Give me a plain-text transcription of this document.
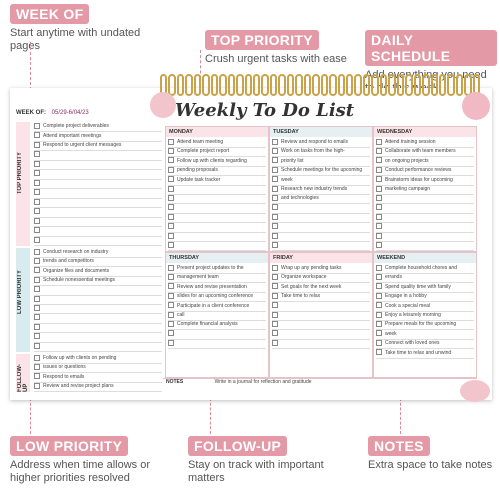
WEEK OF
Start anytime with undated pages	TOP PRIORITY
Crush urgent tasks with ease
DAILY SCHEDULE
Add everything you need
LOW PRIORITY
Address when time allows or higher priorities resolved
FOLLOW-UP
Stay on track with important matters
NOTES
Extra space to take notes
Weekly To Do List
WEEK OF: 05/29-6/04/23
TOP PRIORITY
Complete project deliverables
Attend important meetings
Respond to urgent client messages
LOW PRIORITY
Conduct research on industry
trends and competitors
Organize files and documents
Schedule nonessential meetings
FOLLOW-UP
Follow up with clients on pending
issues or questions
Respond to emails
Review and revise project plans
MONDAY
Attend team meeting
Complete project report
Follow up with clients regarding
pending proposals
Update task tracker
TUESDAY
Review and respond to emails
Work on tasks from the high-
priority list
Schedule meetings for the upcoming
week
Research new industry trends
and technologies
WEDNESDAY
Attend training session
Collaborate with team members
on ongoing projects
Conduct performance reviews
Brainstorm ideas for upcoming
marketing campaign
THURSDAY
Present project updates to the
management team
Review and revise presentation
slides for an upcoming conference
Participate in a client conference
call
Complete financial analysis
FRIDAY
Wrap up any pending tasks
Organize workspace
Set goals for the next week
Take time to relax
WEEKEND
Complete household chores and
errands
Spend quality time with family
Engage in a hobby
Cook a special meal
Enjoy a leisurely morning
Prepare meals for the upcoming
week
Connect with loved ones
Take time to relax and unwind
NOTES	Write in a journal for reflection and gratitude
